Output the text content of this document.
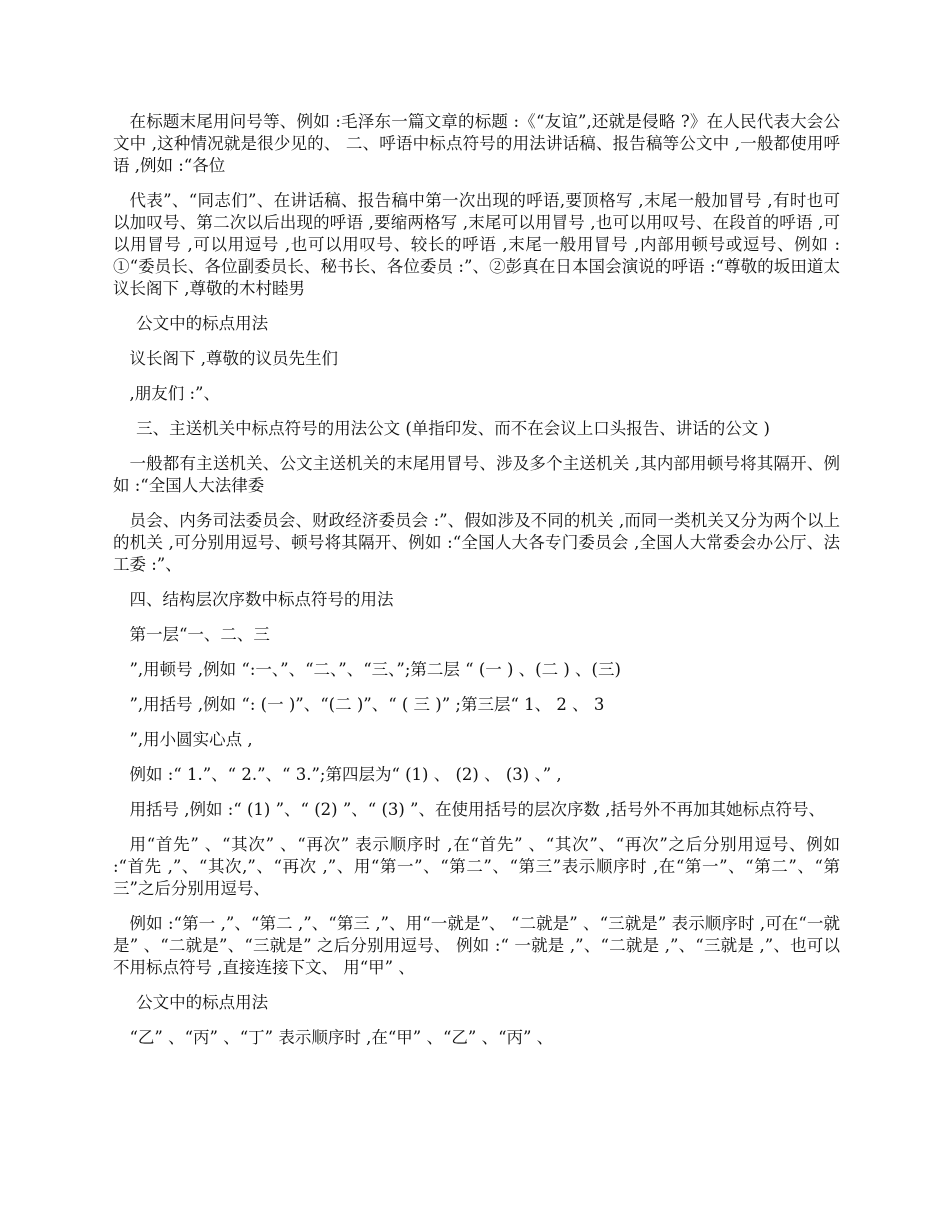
在标题末尾用问号等、例如 :毛泽东一篇文章的标题 :《“友谊”,还就是侵略 ?》在人民代表大会公文中 ,这种情况就是很少见的、 二、呼语中标点符号的用法讲话稿、报告稿等公文中 ,一般都使用呼语 ,例如 :“各位

代表”、“同志们”、在讲话稿、报告稿中第一次出现的呼语,要顶格写 ,末尾一般加冒号 ,有时也可以加叹号、第二次以后出现的呼语 ,要缩两格写 ,末尾可以用冒号 ,也可以用叹号、在段首的呼语 ,可以用冒号 ,可以用逗号 ,也可以用叹号、较长的呼语 ,末尾一般用冒号 ,内部用顿号或逗号、例如 :①“委员长、各位副委员长、秘书长、各位委员 :”、②彭真在日本国会演说的呼语 :“尊敬的坂田道太议长阁下 ,尊敬的木村睦男

公文中的标点用法

议长阁下 ,尊敬的议员先生们

,朋友们 :”、

三、主送机关中标点符号的用法公文 (单指印发、而不在会议上口头报告、讲话的公文 )

一般都有主送机关、公文主送机关的末尾用冒号、涉及多个主送机关 ,其内部用顿号将其隔开、例如 :“全国人大法律委

员会、内务司法委员会、财政经济委员会 :”、假如涉及不同的机关 ,而同一类机关又分为两个以上的机关 ,可分别用逗号、顿号将其隔开、例如 :“全国人大各专门委员会 ,全国人大常委会办公厅、法工委 :”、

四、结构层次序数中标点符号的用法

第一层“一、二、三

”,用顿号 ,例如 “:一、”、“二、”、“三、”;第二层 “ (一 ) 、(二 ) 、(三)

”,用括号 ,例如 “: (一 )”、“(二 )”、“ ( 三 )” ;第三层“ 1、 2 、 3

”,用小圆实心点 ,

例如 :“ 1.”、“ 2.”、“ 3.”;第四层为“ (1) 、 (2) 、 (3) 、” ,

用括号 ,例如 :“ (1) ”、“ (2) ”、“ (3) ”、在使用括号的层次序数 ,括号外不再加其她标点符号、

用“首先” 、“其次” 、“再次” 表示顺序时 ,在“首先” 、“其次”、“再次”之后分别用逗号、例如 :“首先 ,”、“其次,”、“再次 ,”、用“第一”、“第二”、“第三”表示顺序时 ,在“第一”、“第二”、“第三”之后分别用逗号、

例如 :“第一 ,”、“第二 ,”、“第三 ,”、用“一就是”、 “二就是” 、“三就是” 表示顺序时 ,可在“一就是” 、“二就是”、“三就是” 之后分别用逗号、 例如 :“ 一就是 ,”、“二就是 ,”、“三就是 ,”、也可以不用标点符号 ,直接连接下文、 用“甲” 、

公文中的标点用法

“乙” 、“丙” 、“丁” 表示顺序时 ,在“甲” 、“乙” 、“丙” 、
